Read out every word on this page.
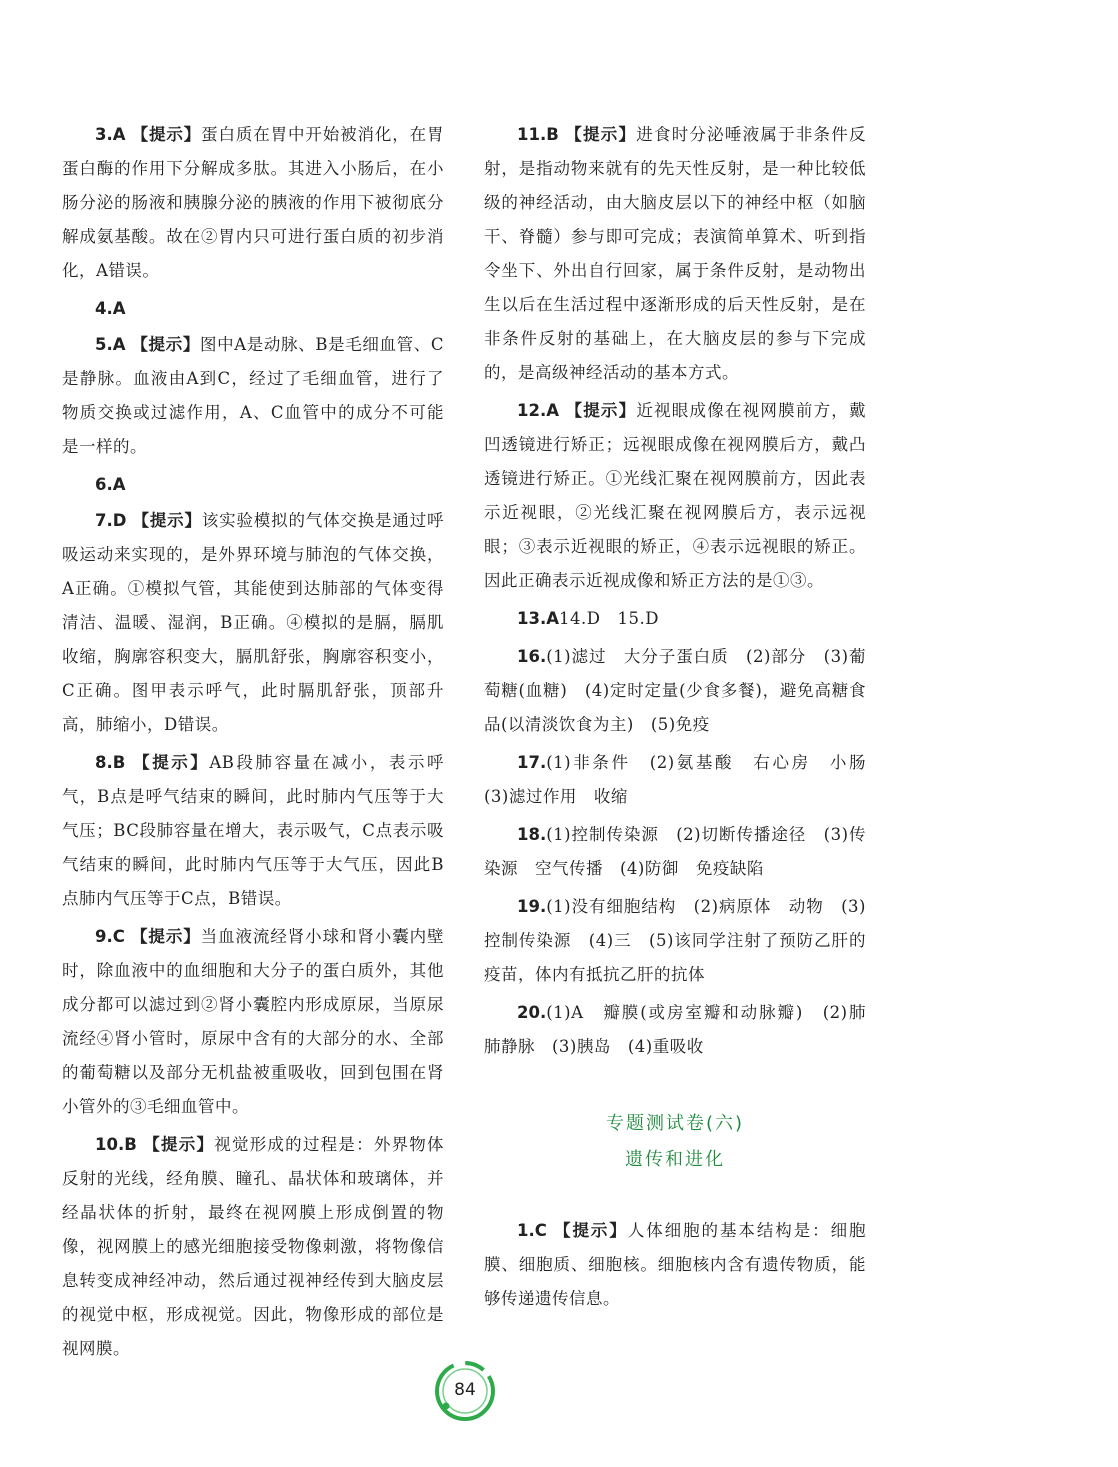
3.A 【提示】蛋白质在胃中开始被消化，在胃蛋白酶的作用下分解成多肽。其进入小肠后，在小肠分泌的肠液和胰腺分泌的胰液的作用下被彻底分解成氨基酸。故在②胃内只可进行蛋白质的初步消化，A错误。

4.A

5.A 【提示】图中A是动脉、B是毛细血管、C是静脉。血液由A到C，经过了毛细血管，进行了物质交换或过滤作用，A、C血管中的成分不可能是一样的。

6.A

7.D 【提示】该实验模拟的气体交换是通过呼吸运动来实现的，是外界环境与肺泡的气体交换，A正确。①模拟气管，其能使到达肺部的气体变得清洁、温暖、湿润，B正确。④模拟的是膈，膈肌收缩，胸廓容积变大，膈肌舒张，胸廓容积变小，C正确。图甲表示呼气，此时膈肌舒张，顶部升高，肺缩小，D错误。

8.B 【提示】AB段肺容量在减小，表示呼气，B点是呼气结束的瞬间，此时肺内气压等于大气压；BC段肺容量在增大，表示吸气，C点表示吸气结束的瞬间，此时肺内气压等于大气压，因此B点肺内气压等于C点，B错误。

9.C 【提示】当血液流经肾小球和肾小囊内壁时，除血液中的血细胞和大分子的蛋白质外，其他成分都可以滤过到②肾小囊腔内形成原尿，当原尿流经④肾小管时，原尿中含有的大部分的水、全部的葡萄糖以及部分无机盐被重吸收，回到包围在肾小管外的③毛细血管中。

10.B 【提示】视觉形成的过程是：外界物体反射的光线，经角膜、瞳孔、晶状体和玻璃体，并经晶状体的折射，最终在视网膜上形成倒置的物像，视网膜上的感光细胞接受物像刺激，将物像信息转变成神经冲动，然后通过视神经传到大脑皮层的视觉中枢，形成视觉。因此，物像形成的部位是视网膜。

11.B 【提示】进食时分泌唾液属于非条件反射，是指动物来就有的先天性反射，是一种比较低级的神经活动，由大脑皮层以下的神经中枢（如脑干、脊髓）参与即可完成；表演简单算术、听到指令坐下、外出自行回家，属于条件反射，是动物出生以后在生活过程中逐渐形成的后天性反射，是在非条件反射的基础上，在大脑皮层的参与下完成的，是高级神经活动的基本方式。

12.A 【提示】近视眼成像在视网膜前方，戴凹透镜进行矫正；远视眼成像在视网膜后方，戴凸透镜进行矫正。①光线汇聚在视网膜前方，因此表示近视眼，②光线汇聚在视网膜后方，表示远视眼；③表示近视眼的矫正，④表示远视眼的矫正。因此正确表示近视成像和矫正方法的是①③。

13.A14.D　15.D

16.(1)滤过　大分子蛋白质　(2)部分　(3)葡萄糖(血糖)　(4)定时定量(少食多餐)，避免高糖食品(以清淡饮食为主)　(5)免疫

17.(1)非条件　(2)氨基酸　右心房　小肠　(3)滤过作用　收缩

18.(1)控制传染源　(2)切断传播途径　(3)传染源　空气传播　(4)防御　免疫缺陷

19.(1)没有细胞结构　(2)病原体　动物　(3)控制传染源　(4)三　(5)该同学注射了预防乙肝的疫苗，体内有抵抗乙肝的抗体

20.(1)A　瓣膜(或房室瓣和动脉瓣)　(2)肺　肺静脉　(3)胰岛　(4)重吸收

专题测试卷(六)
遗传和进化

1.C 【提示】人体细胞的基本结构是：细胞膜、细胞质、细胞核。细胞核内含有遗传物质，能够传递遗传信息。

84
